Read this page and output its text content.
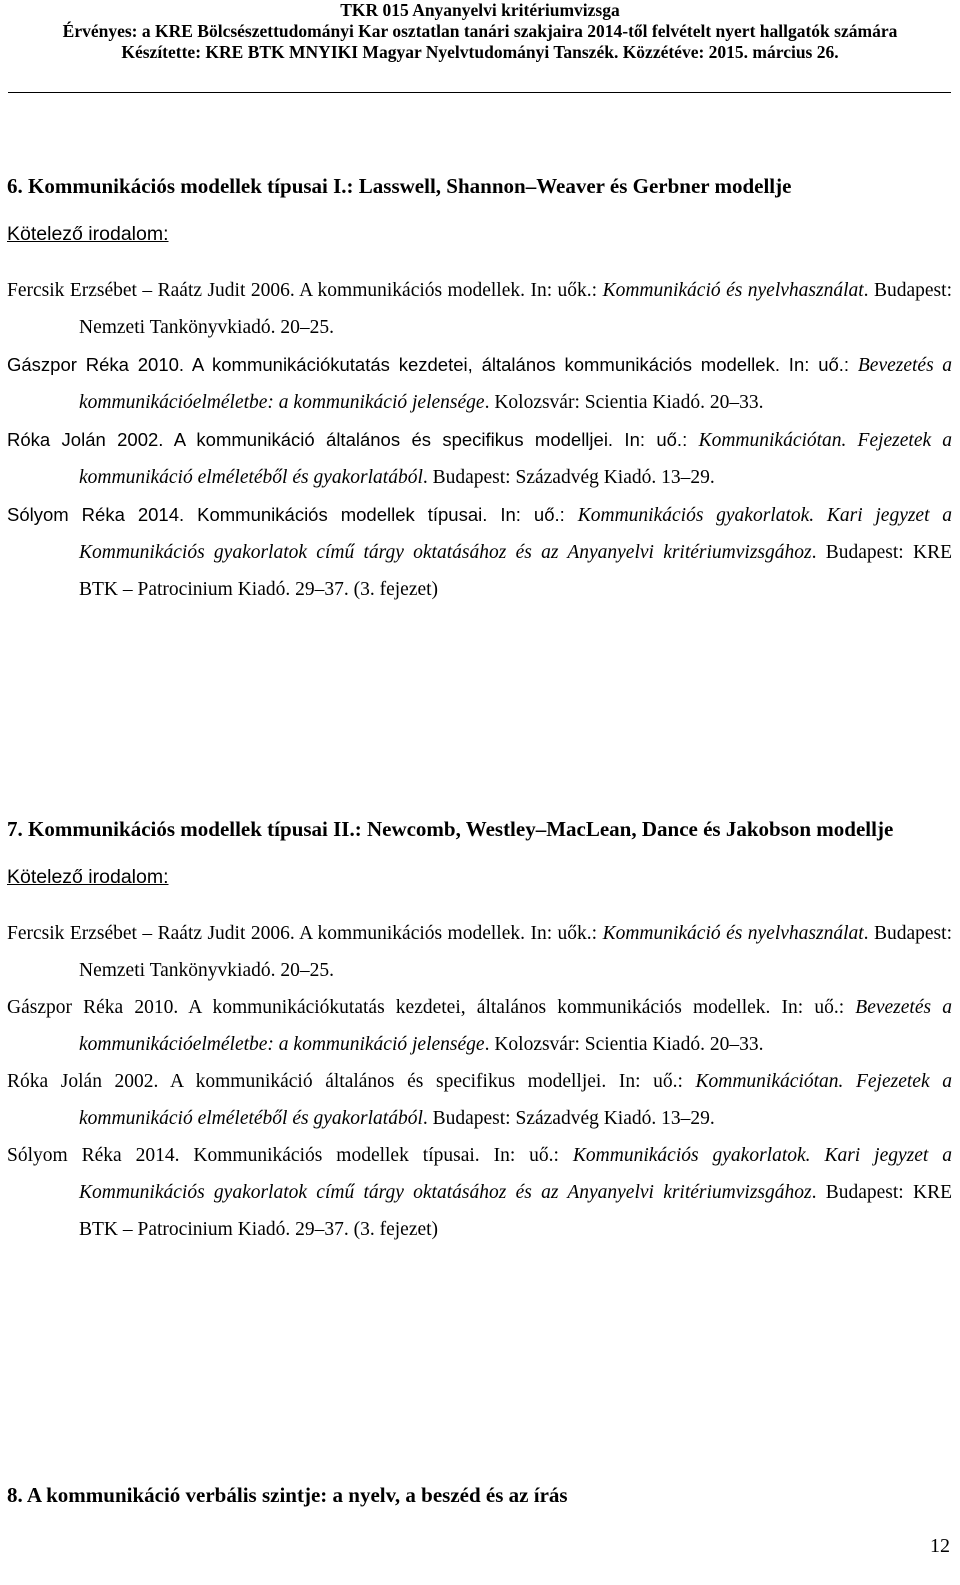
TKR 015 Anyanyelvi kritériumvizsga
Érvényes: a KRE Bölcsészettudományi Kar osztatlan tanári szakjaira 2014-től felvételt nyert hallgatók számára
Készítette: KRE BTK MNYIKI Magyar Nyelvtudományi Tanszék. Közzétéve: 2015. március 26.
6. Kommunikációs modellek típusai I.: Lasswell, Shannon–Weaver és Gerbner modellje
Kötelező irodalom:

Fercsik Erzsébet – Raátz Judit 2006. A kommunikációs modellek. In: uők.: Kommunikáció és nyelvhasználat. Budapest: Nemzeti Tankönyvkiadó. 20–25.

Gászpor Réka 2010. A kommunikációkutatás kezdetei, általános kommunikációs modellek. In: uő.: Bevezetés a kommunikációelméletbe: a kommunikáció jelensége. Kolozsvár: Scientia Kiadó. 20–33.

Róka Jolán 2002. A kommunikáció általános és specifikus modelljei. In: uő.: Kommunikációtan. Fejezetek a kommunikáció elméletéből és gyakorlatából. Budapest: Századvég Kiadó. 13–29.

Sólyom Réka 2014. Kommunikációs modellek típusai. In: uő.: Kommunikációs gyakorlatok. Kari jegyzet a Kommunikációs gyakorlatok című tárgy oktatásához és az Anyanyelvi kritériumvizsgához. Budapest: KRE BTK – Patrocinium Kiadó. 29–37. (3. fejezet)

7. Kommunikációs modellek típusai II.: Newcomb, Westley–MacLean, Dance és Jakobson modellje
Kötelező irodalom:

Fercsik Erzsébet – Raátz Judit 2006. A kommunikációs modellek. In: uők.: Kommunikáció és nyelvhasználat. Budapest: Nemzeti Tankönyvkiadó. 20–25.

Gászpor Réka 2010. A kommunikációkutatás kezdetei, általános kommunikációs modellek. In: uő.: Bevezetés a kommunikációelméletbe: a kommunikáció jelensége. Kolozsvár: Scientia Kiadó. 20–33.

Róka Jolán 2002. A kommunikáció általános és specifikus modelljei. In: uő.: Kommunikációtan. Fejezetek a kommunikáció elméletéből és gyakorlatából. Budapest: Századvég Kiadó. 13–29.

Sólyom Réka 2014. Kommunikációs modellek típusai. In: uő.: Kommunikációs gyakorlatok. Kari jegyzet a Kommunikációs gyakorlatok című tárgy oktatásához és az Anyanyelvi kritériumvizsgához. Budapest: KRE BTK – Patrocinium Kiadó. 29–37. (3. fejezet)

8. A kommunikáció verbális szintje: a nyelv, a beszéd és az írás
12
